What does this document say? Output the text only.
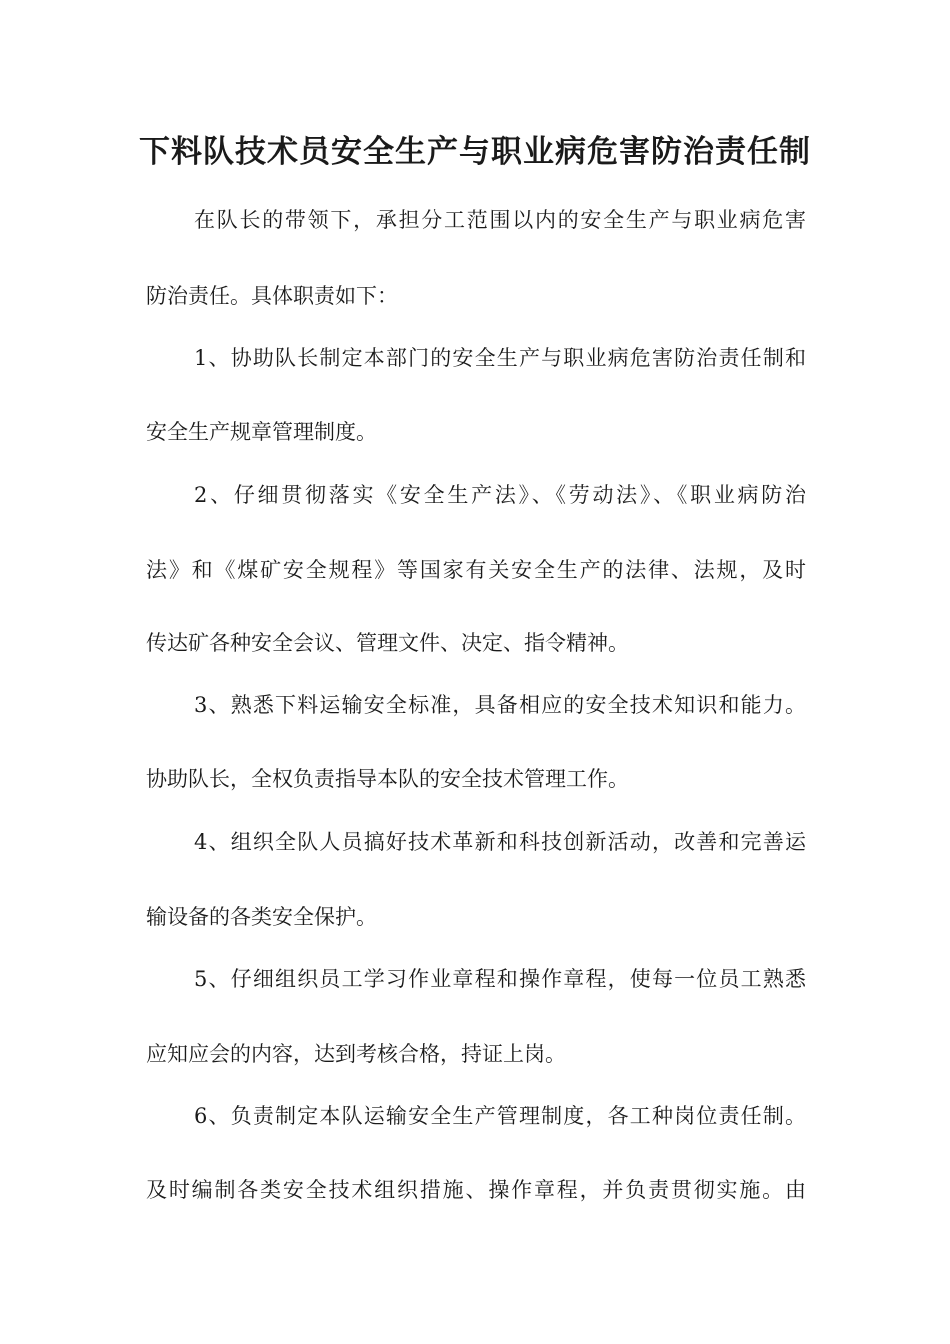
下料队技术员安全生产与职业病危害防治责任制

在队长的带领下，承担分工范围以内的安全生产与职业病危害

防治责任。具体职责如下：

1、协助队长制定本部门的安全生产与职业病危害防治责任制和

安全生产规章管理制度。

2、仔细贯彻落实《安全生产法》、《劳动法》、《职业病防治

法》和《煤矿安全规程》等国家有关安全生产的法律、法规，及时

传达矿各种安全会议、管理文件、决定、指令精神。

3、熟悉下料运输安全标准，具备相应的安全技术知识和能力。

协助队长，全权负责指导本队的安全技术管理工作。

4、组织全队人员搞好技术革新和科技创新活动，改善和完善运

输设备的各类安全保护。

5、仔细组织员工学习作业章程和操作章程，使每一位员工熟悉

应知应会的内容，达到考核合格，持证上岗。

6、负责制定本队运输安全生产管理制度，各工种岗位责任制。

及时编制各类安全技术组织措施、操作章程，并负责贯彻实施。由
